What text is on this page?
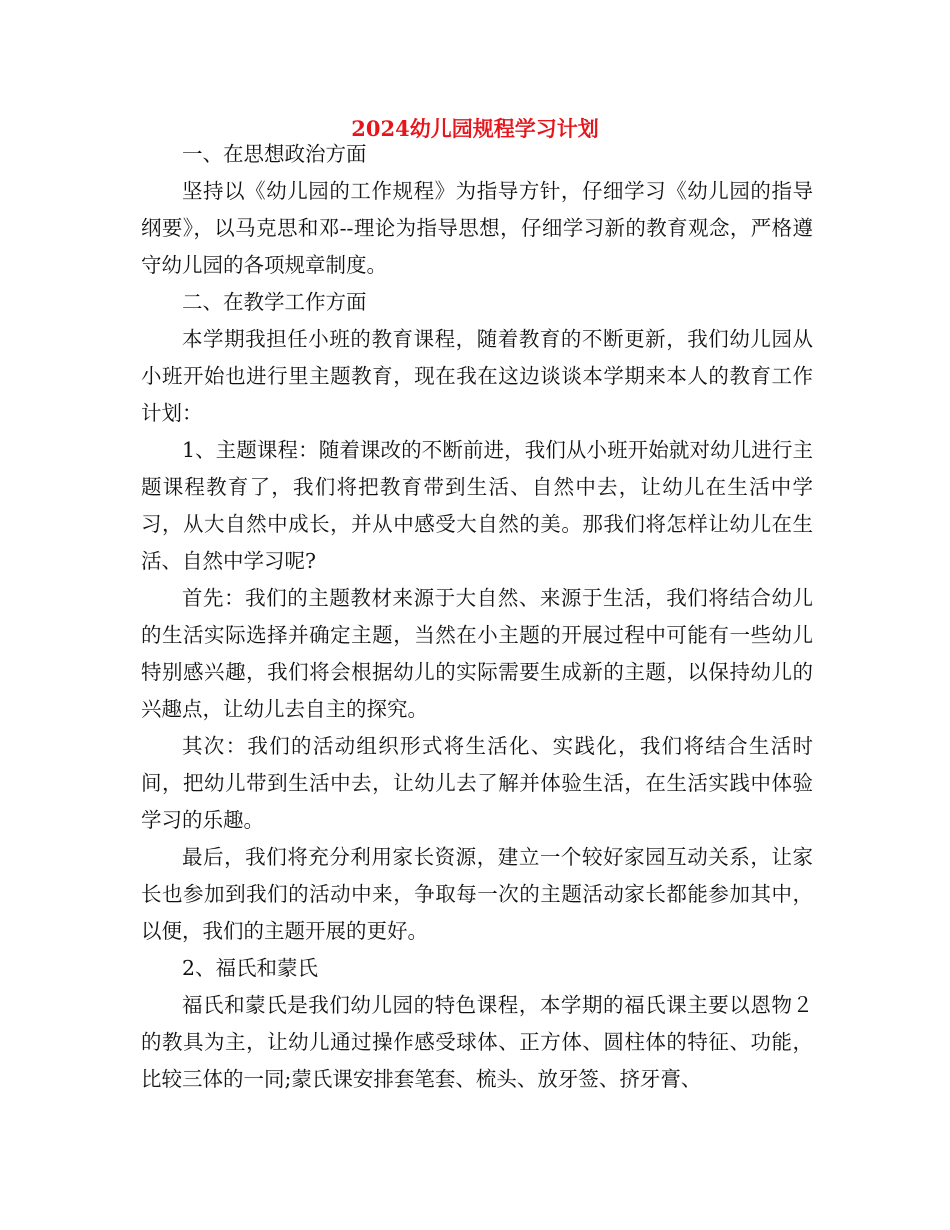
2024幼儿园规程学习计划

一、在思想政治方面

坚持以《幼儿园的工作规程》为指导方针，仔细学习《幼儿园的指导纲要》，以马克思和邓--理论为指导思想，仔细学习新的教育观念，严格遵守幼儿园的各项规章制度。

二、在教学工作方面

本学期我担任小班的教育课程，随着教育的不断更新，我们幼儿园从小班开始也进行里主题教育，现在我在这边谈谈本学期来本人的教育工作计划：

1、主题课程：随着课改的不断前进，我们从小班开始就对幼儿进行主题课程教育了，我们将把教育带到生活、自然中去，让幼儿在生活中学习，从大自然中成长，并从中感受大自然的美。那我们将怎样让幼儿在生活、自然中学习呢?

首先：我们的主题教材来源于大自然、来源于生活，我们将结合幼儿的生活实际选择并确定主题，当然在小主题的开展过程中可能有一些幼儿特别感兴趣，我们将会根据幼儿的实际需要生成新的主题，以保持幼儿的兴趣点，让幼儿去自主的探究。

其次：我们的活动组织形式将生活化、实践化，我们将结合生活时间，把幼儿带到生活中去，让幼儿去了解并体验生活，在生活实践中体验学习的乐趣。

最后，我们将充分利用家长资源，建立一个较好家园互动关系，让家长也参加到我们的活动中来，争取每一次的主题活动家长都能参加其中，以便，我们的主题开展的更好。

2、福氏和蒙氏

福氏和蒙氏是我们幼儿园的特色课程，本学期的福氏课主要以恩物２的教具为主，让幼儿通过操作感受球体、正方体、圆柱体的特征、功能，比较三体的一同;蒙氏课安排套笔套、梳头、放牙签、挤牙膏、
